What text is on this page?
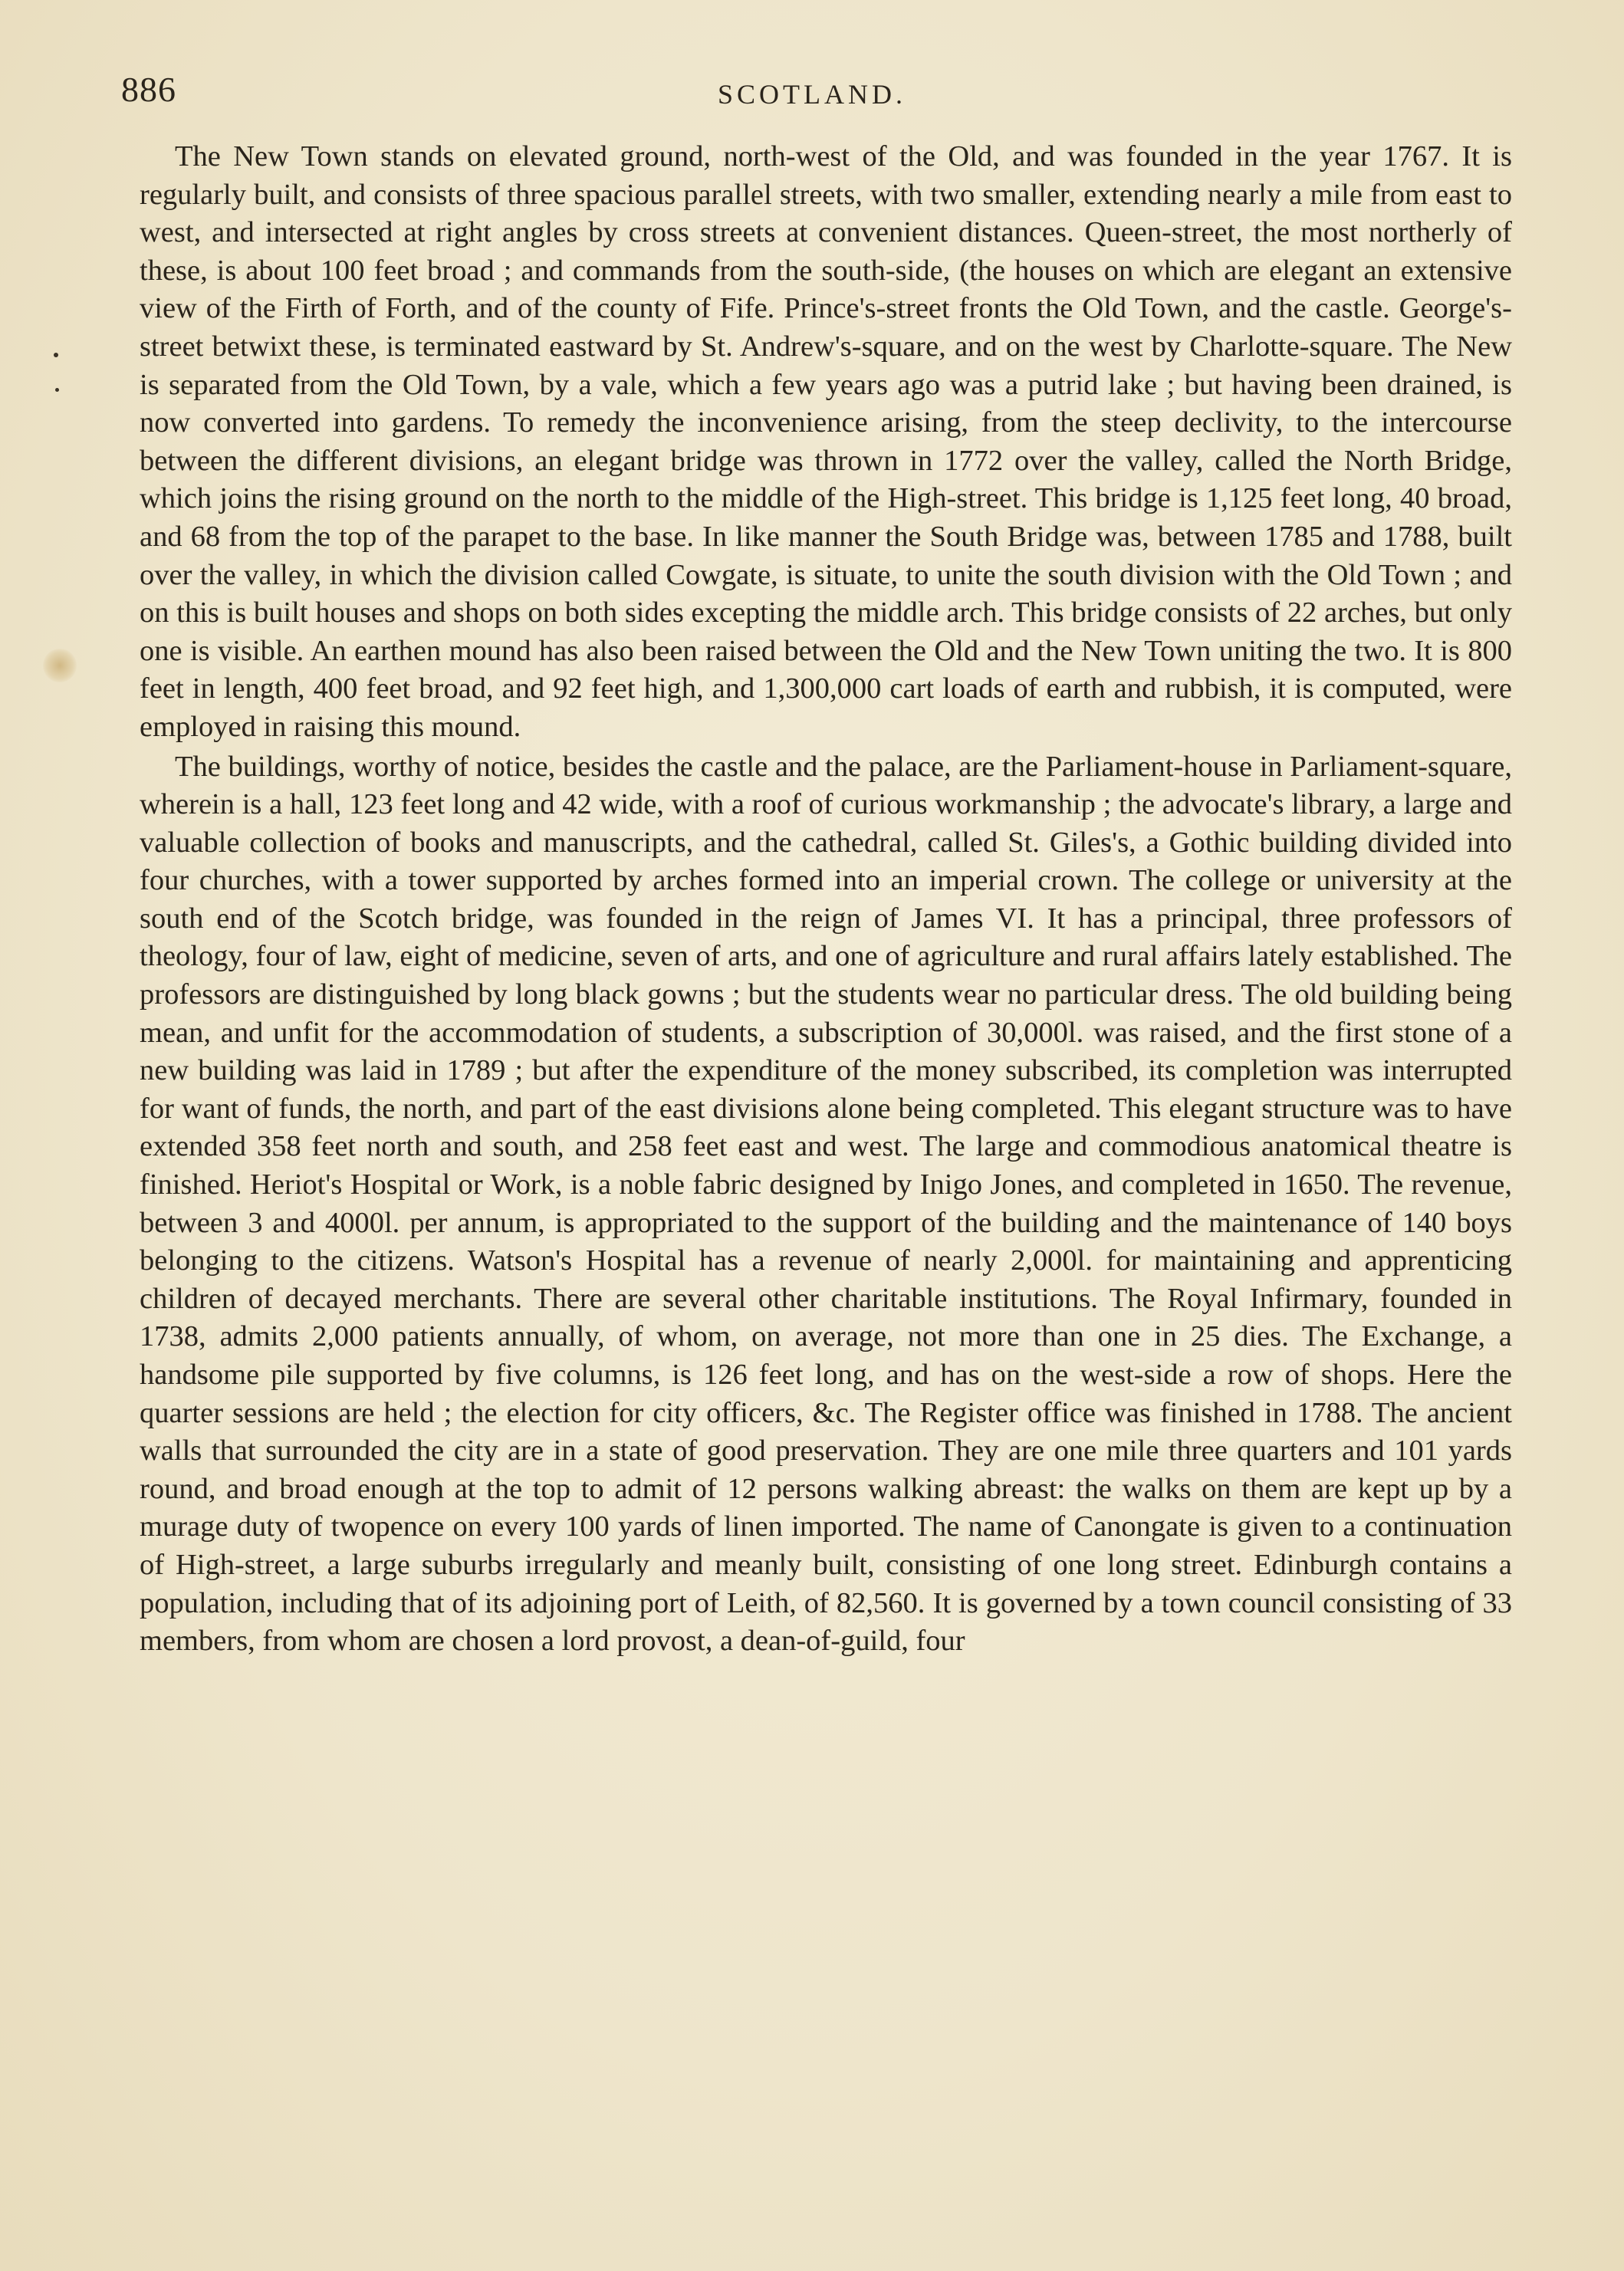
886	SCOTLAND.

The New Town stands on elevated ground, north-west of the Old, and was founded in the year 1767. It is regularly built, and consists of three spacious parallel streets, with two smaller, extending nearly a mile from east to west, and intersected at right angles by cross streets at convenient distances. Queen-street, the most northerly of these, is about 100 feet broad ; and commands from the south-side, (the houses on which are elegant an extensive view of the Firth of Forth, and of the county of Fife. Prince's-street fronts the Old Town, and the castle. George's-street betwixt these, is terminated eastward by St. Andrew's-square, and on the west by Charlotte-square. The New is separated from the Old Town, by a vale, which a few years ago was a putrid lake ; but having been drained, is now converted into gardens. To remedy the inconvenience arising, from the steep declivity, to the intercourse between the different divisions, an elegant bridge was thrown in 1772 over the valley, called the North Bridge, which joins the rising ground on the north to the middle of the High-street. This bridge is 1,125 feet long, 40 broad, and 68 from the top of the parapet to the base. In like manner the South Bridge was, between 1785 and 1788, built over the valley, in which the division called Cowgate, is situate, to unite the south division with the Old Town ; and on this is built houses and shops on both sides excepting the middle arch. This bridge consists of 22 arches, but only one is visible. An earthen mound has also been raised between the Old and the New Town uniting the two. It is 800 feet in length, 400 feet broad, and 92 feet high, and 1,300,000 cart loads of earth and rubbish, it is computed, were employed in raising this mound.

The buildings, worthy of notice, besides the castle and the palace, are the Parliament-house in Parliament-square, wherein is a hall, 123 feet long and 42 wide, with a roof of curious workmanship ; the advocate's library, a large and valuable collection of books and manuscripts, and the cathedral, called St. Giles's, a Gothic building divided into four churches, with a tower supported by arches formed into an imperial crown. The college or university at the south end of the Scotch bridge, was founded in the reign of James VI. It has a principal, three professors of theology, four of law, eight of medicine, seven of arts, and one of agriculture and rural affairs lately established. The professors are distinguished by long black gowns ; but the students wear no particular dress. The old building being mean, and unfit for the accommodation of students, a subscription of 30,000l. was raised, and the first stone of a new building was laid in 1789 ; but after the expenditure of the money subscribed, its completion was interrupted for want of funds, the north, and part of the east divisions alone being completed. This elegant structure was to have extended 358 feet north and south, and 258 feet east and west. The large and commodious anatomical theatre is finished. Heriot's Hospital or Work, is a noble fabric designed by Inigo Jones, and completed in 1650. The revenue, between 3 and 4000l. per annum, is appropriated to the support of the building and the maintenance of 140 boys belonging to the citizens. Watson's Hospital has a revenue of nearly 2,000l. for maintaining and apprenticing children of decayed merchants. There are several other charitable institutions. The Royal Infirmary, founded in 1738, admits 2,000 patients annually, of whom, on average, not more than one in 25 dies. The Exchange, a handsome pile supported by five columns, is 126 feet long, and has on the west-side a row of shops. Here the quarter sessions are held ; the election for city officers, &c. The Register office was finished in 1788. The ancient walls that surrounded the city are in a state of good preservation. They are one mile three quarters and 101 yards round, and broad enough at the top to admit of 12 persons walking abreast: the walks on them are kept up by a murage duty of twopence on every 100 yards of linen imported. The name of Canongate is given to a continuation of High-street, a large suburbs irregularly and meanly built, consisting of one long street. Edinburgh contains a population, including that of its adjoining port of Leith, of 82,560. It is governed by a town council consisting of 33 members, from whom are chosen a lord provost, a dean-of-guild, four
